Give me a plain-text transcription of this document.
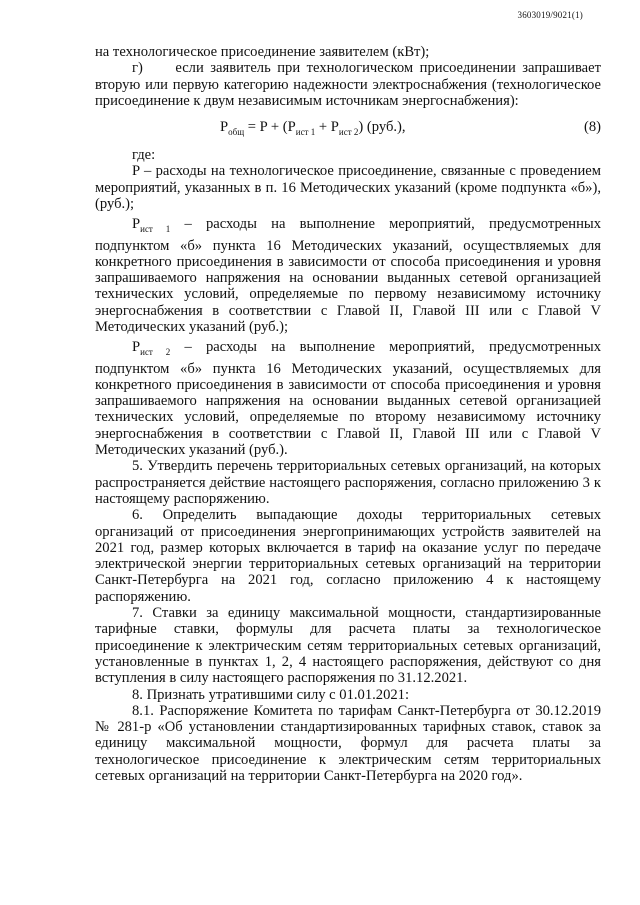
3603019/9021(1)

на технологическое присоединение заявителем (кВт);

г)     если заявитель при технологическом присоединении запрашивает вторую или первую категорию надежности электроснабжения (технологическое присоединение к двум независимым источникам энергоснабжения):

$P_{общ} = P + (P_{ист 1} + P_{ист 2})$ (руб.),	(8)

где:

P – расходы на технологическое присоединение, связанные с проведением мероприятий, указанных в п. 16 Методических указаний (кроме подпункта «б»), (руб.);

$P_{ист 1}$ – расходы на выполнение мероприятий, предусмотренных подпунктом «б» пункта 16 Методических указаний, осуществляемых для конкретного присоединения в зависимости от способа присоединения и уровня запрашиваемого напряжения на основании выданных сетевой организацией технических условий, определяемые по первому независимому источнику энергоснабжения в соответствии с Главой II, Главой III или с Главой V Методических указаний (руб.);

$P_{ист 2}$ – расходы на выполнение мероприятий, предусмотренных подпунктом «б» пункта 16 Методических указаний, осуществляемых для конкретного присоединения в зависимости от способа присоединения и уровня запрашиваемого напряжения на основании выданных сетевой организацией технических условий, определяемые по второму независимому источнику энергоснабжения в соответствии с Главой II, Главой III или с Главой V Методических указаний (руб.).

5. Утвердить перечень территориальных сетевых организаций, на которых распространяется действие настоящего распоряжения, согласно приложению 3 к настоящему распоряжению.

6. Определить выпадающие доходы территориальных сетевых организаций от присоединения энергопринимающих устройств заявителей на 2021 год, размер которых включается в тариф на оказание услуг по передаче электрической энергии территориальных сетевых организаций на территории Санкт-Петербурга на 2021 год, согласно приложению 4 к настоящему распоряжению.

7. Ставки за единицу максимальной мощности, стандартизированные тарифные ставки, формулы для расчета платы за технологическое присоединение к электрическим сетям территориальных сетевых организаций, установленные в пунктах 1, 2, 4 настоящего распоряжения, действуют со дня вступления в силу настоящего распоряжения по 31.12.2021.

8. Признать утратившими силу с 01.01.2021:

8.1. Распоряжение Комитета по тарифам Санкт-Петербурга от 30.12.2019 № 281-р «Об установлении стандартизированных тарифных ставок, ставок за единицу максимальной мощности, формул для расчета платы за технологическое присоединение к электрическим сетям территориальных сетевых организаций на территории Санкт-Петербурга на 2020 год».
